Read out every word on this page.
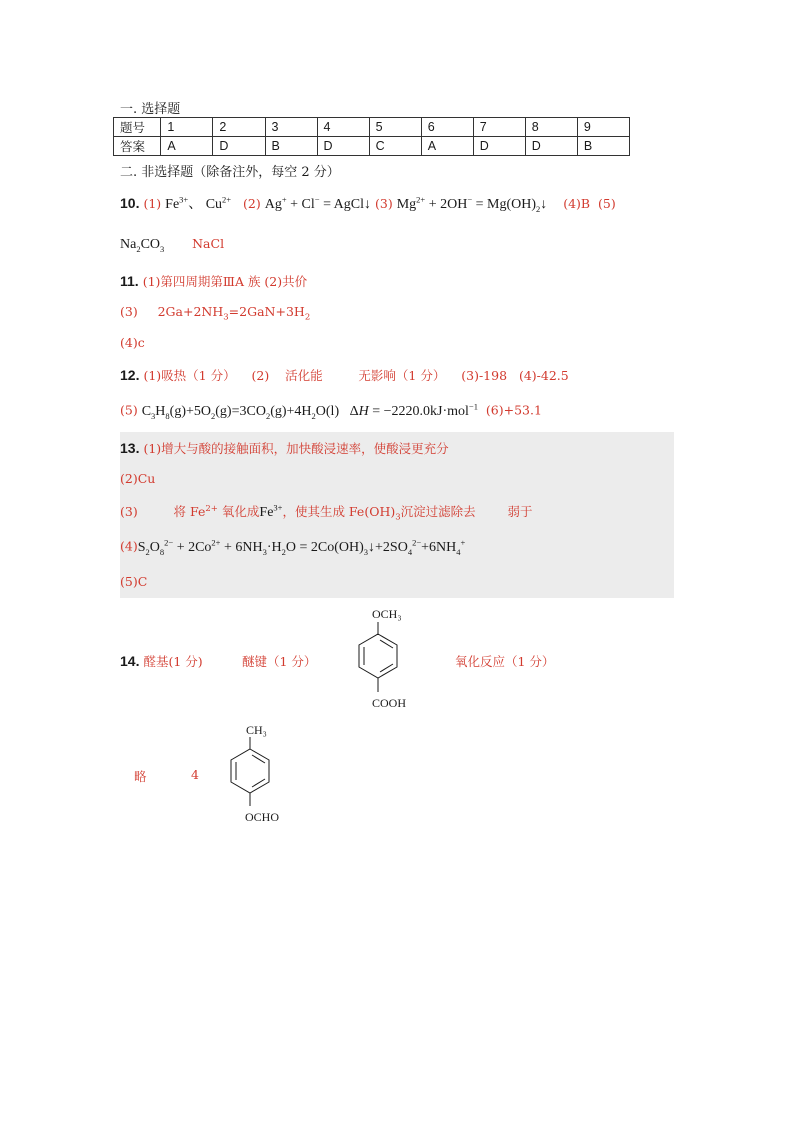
一. 选择题
题号	1	2	3	4	5	6	7	8	9
答案	A	D	B	D	C	A	D	D	B
二. 非选择题（除备注外，每空 2 分）
10. (1) $Fe^{3+}$、 $Cu^{2+}$ (2) Ag+ + Cl− = AgCl↓ (3) $Mg^{2+} + 2OH^-$ = $Mg(OH)_2↓$ (4)B (5)
$Na_2CO_3$ NaCl
11. (1)第四周期第ⅢA 族 (2)共价
(3) $2Ga+2NH_3=2GaN+3H_2$
(4)c
12. (1)吸热（1 分） (2) 活化能	无影响（1 分） (3)-198 (4)-42.5
(5) $C_3H_8(g)+5O_2(g)=3CO_2(g)+4H_2O(l) \Delta H = -2220.0kJ\cdot mol^{-1}$ (6)+53.1
13. (1)增大与酸的接触面积，加快酸浸速率，使酸浸更充分
(2)Cu
(3)	将 $Fe^{2+}$ 氧化成$Fe^{3+}$，使其生成 $Fe(OH)_3$沉淀过滤除去	弱于
$(4)S_2O_8^{2-} + 2Co^{2+} + 6NH_3\cdot H_2O$ = $2Co(OH)_3↓+2SO_4^{2-}+6NH_4^+$
(5)C
14. 醛基(1 分)	醚键（1 分）	氧化反应（1 分）
OCH₃
COOH
略	4
CH₃
OCHO
